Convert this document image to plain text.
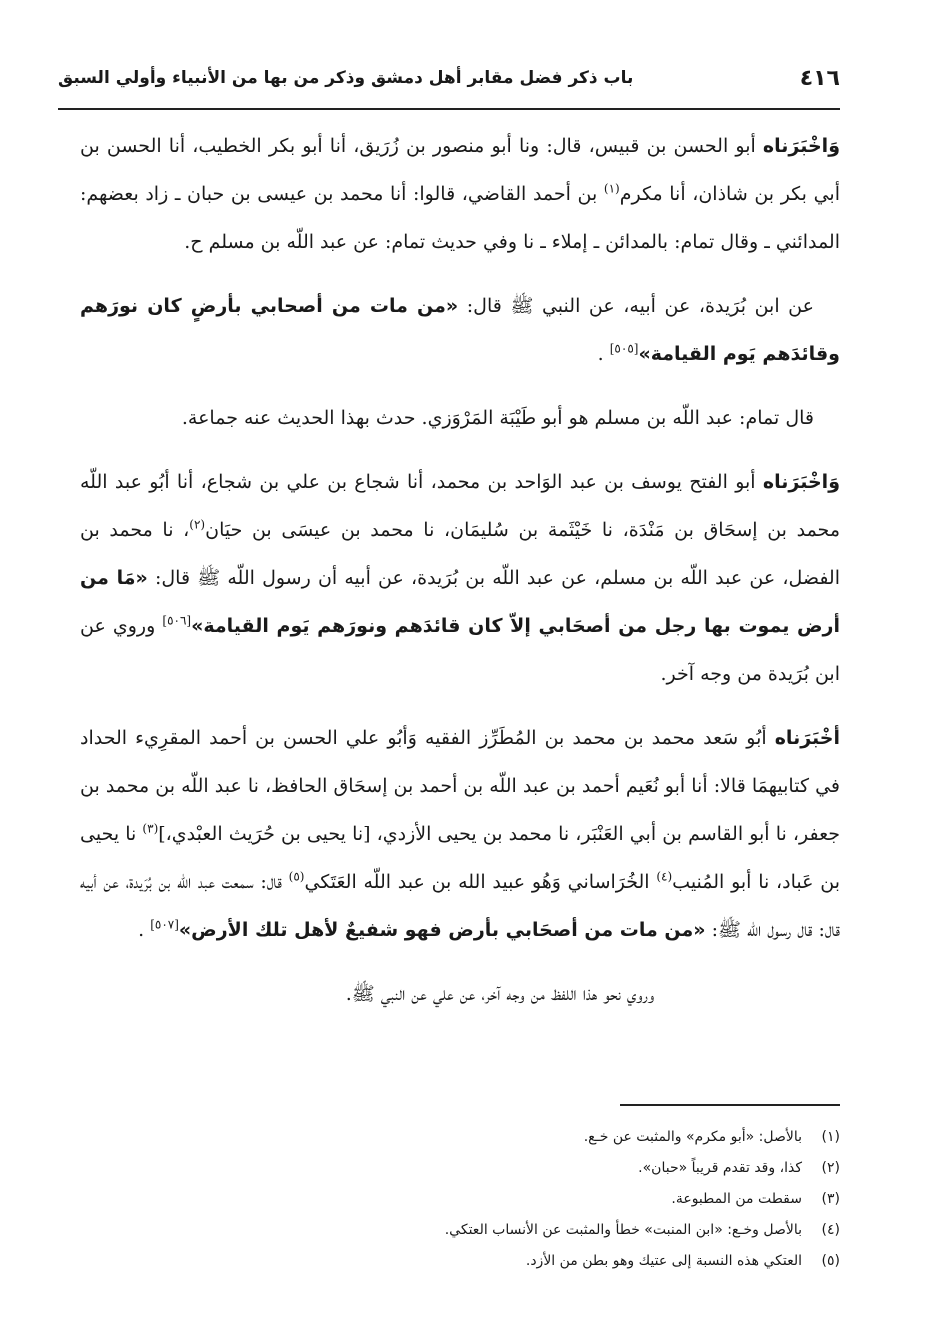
٤١٦
باب ذكر فضل مقابر أهل دمشق وذكر من بها من الأنبياء وأولي السبق

وَاخْبَرَناه أبو الحسن بن قبيس، قال: ونا أبو منصور بن زُرَيق، أنا أبو بكر الخطيب، أنا الحسن بن أبي بكر بن شاذان، أنا مكرم$^{(١)}$ بن أحمد القاضي، قالوا: أنا محمد بن عيسى بن حبان ـ زاد بعضهم: المدائني ـ وقال تمام: بالمدائن ـ إملاء ـ نا وفي حديث تمام: عن عبد اللّه بن مسلم ح.

عن ابن بُرَيدة، عن أبيه، عن النبي ﷺ قال: «من مات من أصحابي بأرضٍ كان نورَهم وقائدَهم يَوم القيامة»[٥٠٥] .

قال تمام: عبد اللّه بن مسلم هو أبو طَيْبَة المَرْوَزي. حدث بهذا الحديث عنه جماعة.

وَاخْبَرَناه أبو الفتح يوسف بن عبد الوَاحد بن محمد، أنا شجاع بن علي بن شجاع، أنا أبُو عبد اللّه محمد بن إسحَاق بن مَنْدَة، نا خَيْثَمة بن سُليمَان، نا محمد بن عيسَى بن حيَان$^{(٢)}$، نا محمد بن الفضل، عن عبد اللّه بن مسلم، عن عبد اللّه بن بُرَيدة، عن أبيه أن رسول اللّه ﷺ قال: «مَا من أرض يموت بها رجل من أصحَابي إلاّ كان قائدَهم ونورَهم يَوم القيامة»[٥٠٦] وروي عن ابن بُرَيدة من وجه آخر.

أخْبَرَناه أبُو سَعد محمد بن محمد بن المُطَرِّز الفقيه وَأبُو علي الحسن بن أحمد المقرِيء الحداد في كتابيهمَا قالا: أنا أبو نُعَيم أحمد بن عبد اللّه بن أحمد بن إسحَاق الحافظ، نا عبد اللّه بن محمد بن جعفر، نا أبو القاسم بن أبي العَنْبَر، نا محمد بن يحيى الأزدي، [نا يحيى بن حُرَيث العبْدي،]$^{(٣)}$ نا يحيى بن عَباد، نا أبو المُنيب$^{(٤)}$ الخُرَاساني وَهُو عبيد الله بن عبد اللّه العَتَكي$^{(٥)}$ قال: سمعت عبد اللّه بن بُرَيدة، عن أبيه قال: قال رسول الله ﷺ: «من مات من أصحَابي بأرض فهو شفيعٌ لأهل تلك الأرض»[٥٠٧] .

وروي نحو هذا اللفظ من وجه آخر، عن علي عن النبي ﷺ.

(١)
بالأصل: «أبو مكرم» والمثبت عن خـع.
(٢)
كذا، وقد تقدم قريباً «حبان».
(٣)
سقطت من المطبوعة.
(٤)
بالأصل وخـع: «ابن المنبت» خطأ والمثبت عن الأنساب العتكي.
(٥)
العتكي هذه النسبة إلى عتيك وهو بطن من الأزد.
